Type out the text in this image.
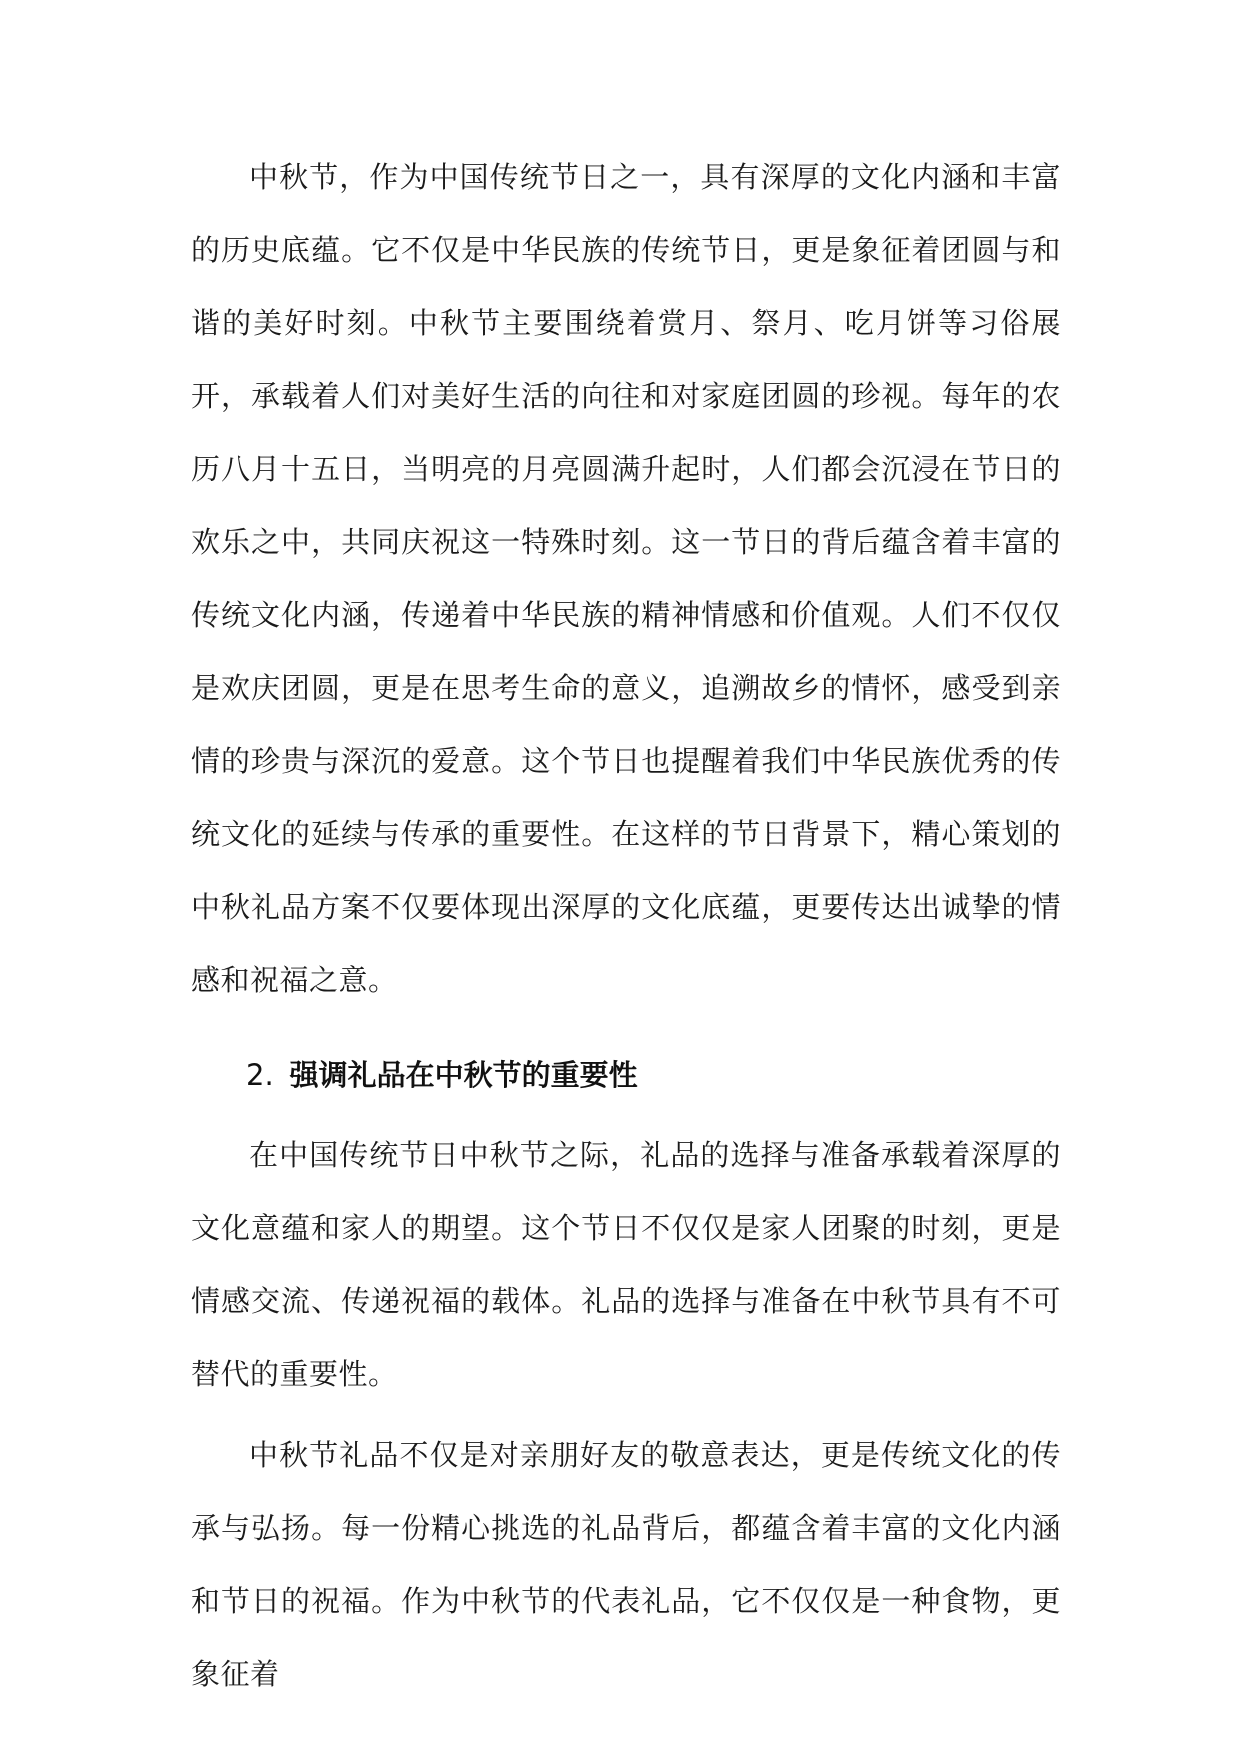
中秋节，作为中国传统节日之一，具有深厚的文化内涵和丰富的历史底蕴。它不仅是中华民族的传统节日，更是象征着团圆与和谐的美好时刻。中秋节主要围绕着赏月、祭月、吃月饼等习俗展开，承载着人们对美好生活的向往和对家庭团圆的珍视。每年的农历八月十五日，当明亮的月亮圆满升起时，人们都会沉浸在节日的欢乐之中，共同庆祝这一特殊时刻。这一节日的背后蕴含着丰富的传统文化内涵，传递着中华民族的精神情感和价值观。人们不仅仅是欢庆团圆，更是在思考生命的意义，追溯故乡的情怀，感受到亲情的珍贵与深沉的爱意。这个节日也提醒着我们中华民族优秀的传统文化的延续与传承的重要性。在这样的节日背景下，精心策划的中秋礼品方案不仅要体现出深厚的文化底蕴，更要传达出诚挚的情感和祝福之意。

2. 强调礼品在中秋节的重要性

在中国传统节日中秋节之际，礼品的选择与准备承载着深厚的文化意蕴和家人的期望。这个节日不仅仅是家人团聚的时刻，更是情感交流、传递祝福的载体。礼品的选择与准备在中秋节具有不可替代的重要性。

中秋节礼品不仅是对亲朋好友的敬意表达，更是传统文化的传承与弘扬。每一份精心挑选的礼品背后，都蕴含着丰富的文化内涵和节日的祝福。作为中秋节的代表礼品，它不仅仅是一种食物，更象征着
